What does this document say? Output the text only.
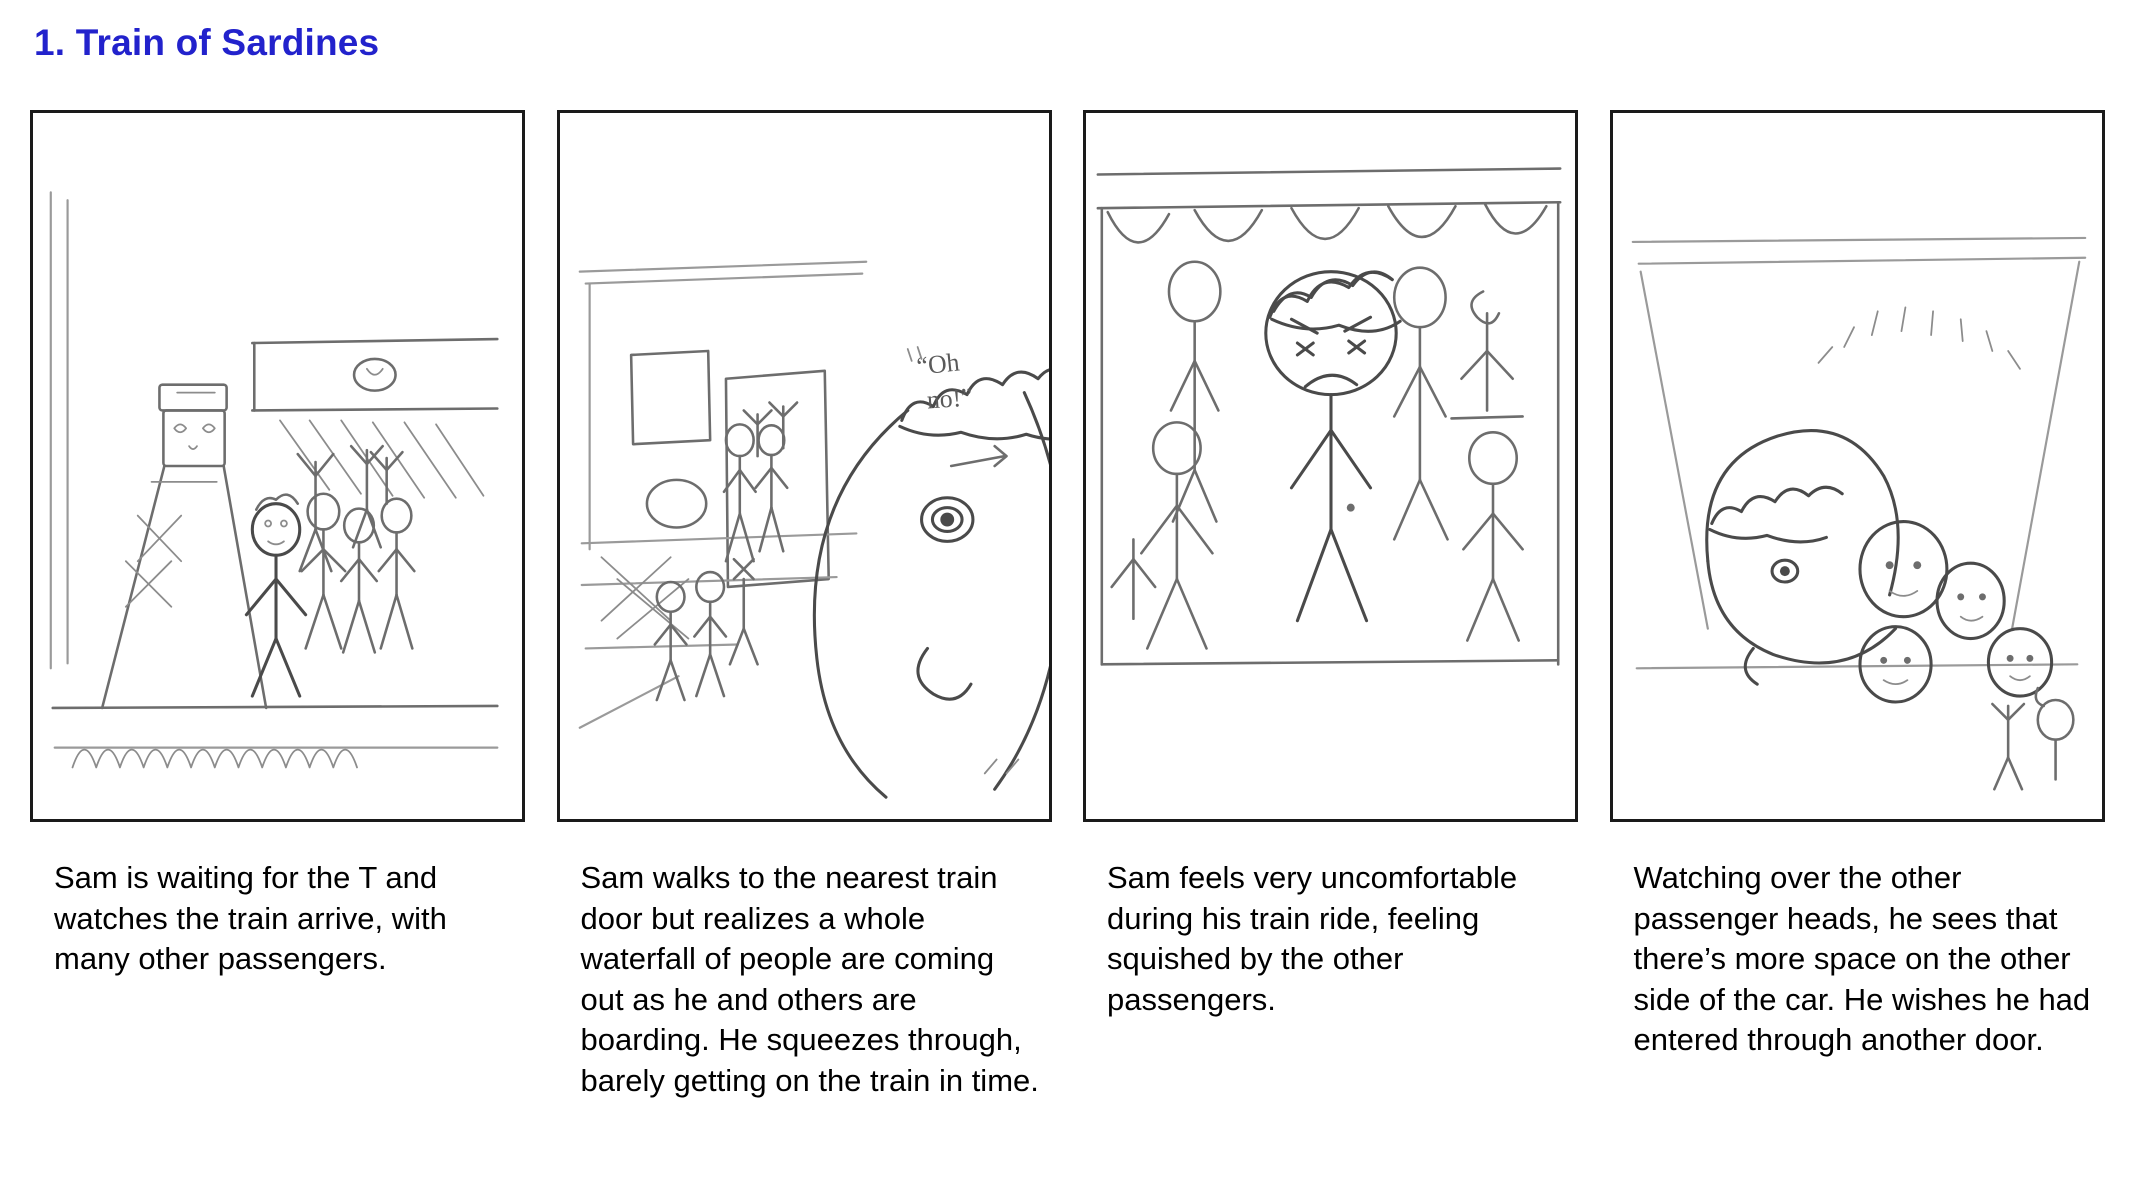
1. Train of Sardines
Sam is waiting for the T and watches the train arrive, with many other passengers.
“Oh
no!”
Sam walks to the nearest train door but realizes a whole waterfall of people are coming out as he and others are boarding. He squeezes through, barely getting on the train in time.
Sam feels very uncomfortable during his train ride, feeling squished by the other passengers.
Watching over the other passenger heads, he sees that there’s more space on the other side of the car. He wishes he had entered through another door.
